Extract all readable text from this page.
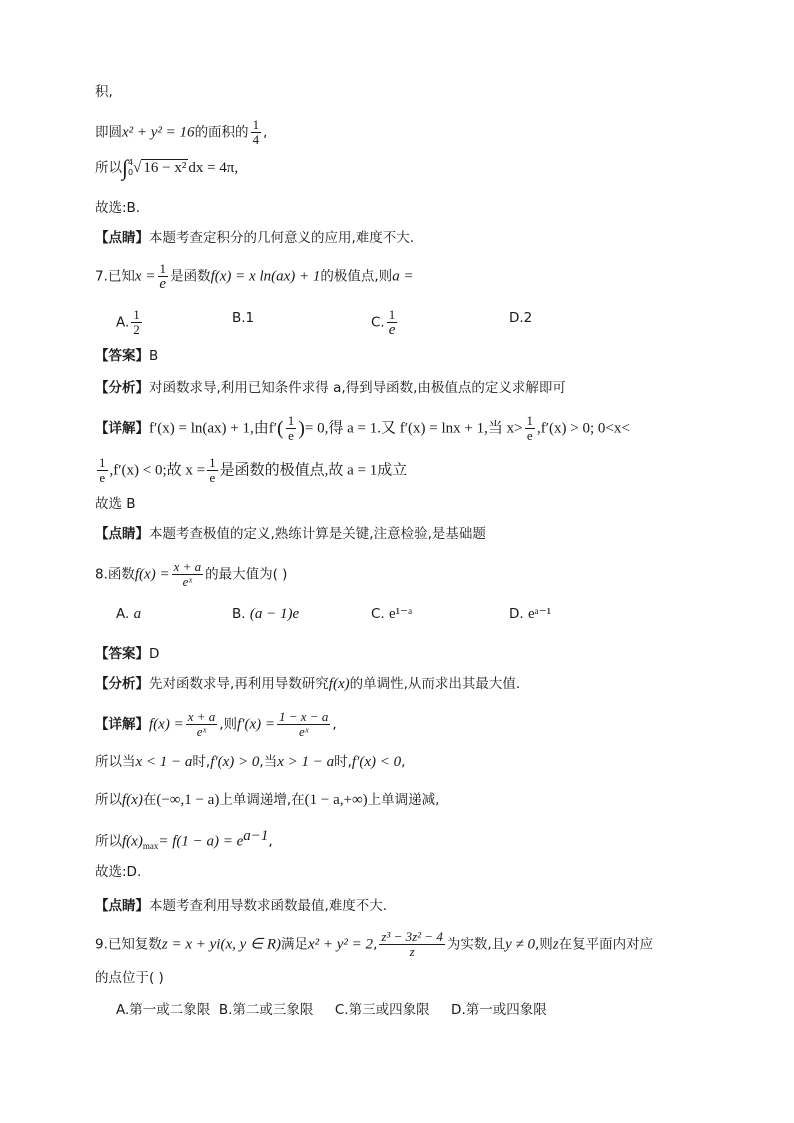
积,
即圆x² + y² = 16的面积的 $\frac{1}{4}$ ,
所以∫ 4
0 √ 16 − x² dx = 4π,
故选:B.
【点睛】本题考查定积分的几何意义的应用,难度不大.
7.已知$x = \frac{1}{e}$ 是函数f(x) = x ln(ax) + 1的极值点,则a =
A. $\frac{1}{2}$	B.1	C. $\frac{1}{e}$	D.2
【答案】B
【分析】对函数求导,利用已知条件求得 a,得到导函数,由极值点的定义求解即可
【详解】f′(x) = ln(ax) + 1,由$f'( \frac{1}{e}$ )= 0,得 a = 1.又 f′(x) = lnx + 1,当 $x> \frac{1}{e} ,f'(x) > 0$; 0<x<
$\frac{1}{e} ,f'(x) < 0$;故 $x = \frac{1}{e}$ 是函数的极值点,故 a = 1成立
故选 B
【点睛】本题考查极值的定义,熟练计算是关键,注意检验,是基础题
8.函数$f(x) = \frac{x + a}{\text{eˣ}}$ 的最大值为( )
A. a	B. (a − 1)e	C. e¹⁻ᵃ	D. eᵃ⁻¹
【答案】D
【分析】先对函数求导,再利用导数研究f(x)的单调性,从而求出其最大值.
【详解】$f(x) = \frac{x + a}{\text{eˣ}}$ ,则$f'(x) = \frac{1 - x - a}{\text{eˣ}}$ ,
所以当x < 1 − a时,f′(x) > 0,当x > 1 − a时,f′(x) < 0,
所以f(x)在(−∞,1 − a)上单调递增,在(1 − a,+∞)上单调递减,
所以$f(x)_{max}= f(1 - a) = e^{a-1}$,
故选:D.
【点睛】本题考查利用导数求函数最值,难度不大.
9.已知复数z = x + yi(x, y ∈ R)满足x² + y² = 2, $\frac{\text{z³ − 3z² − 4}}{z}$ 为实数,且y ≠ 0,则z在复平面内对应
的点位于( )
A.第一或二象限  B.第二或三象限     C.第三或四象限     D.第一或四象限
